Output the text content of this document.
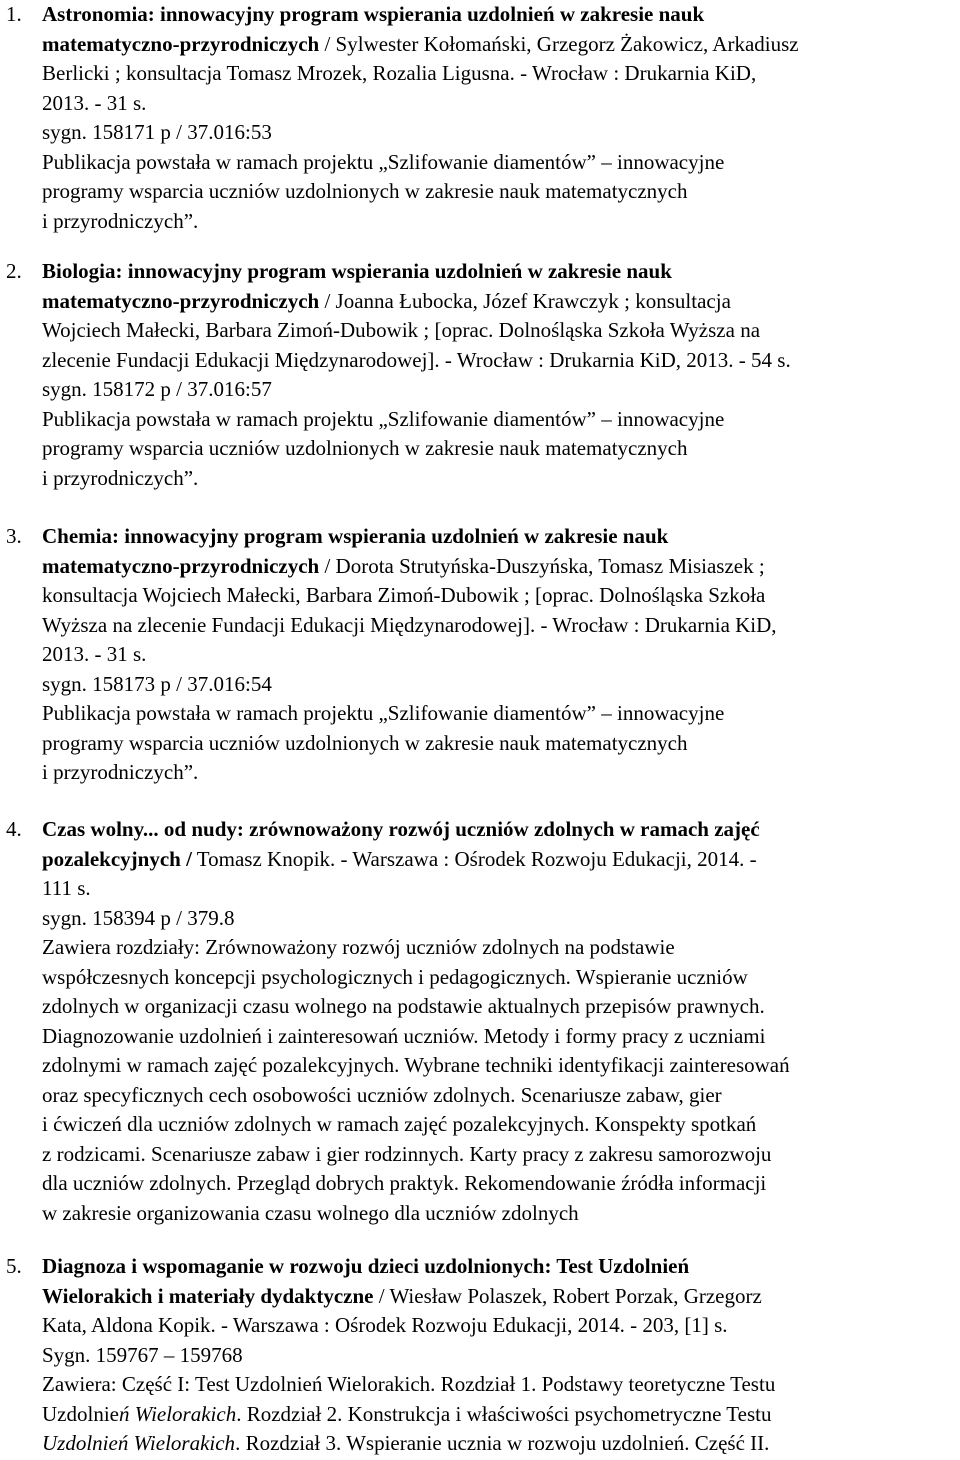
1. Astronomia: innowacyjny program wspierania uzdolnień w zakresie nauk
matematyczno-przyrodniczych / Sylwester Kołomański, Grzegorz Żakowicz, Arkadiusz
Berlicki ; konsultacja Tomasz Mrozek, Rozalia Ligusna. - Wrocław : Drukarnia KiD,
2013. - 31 s.
sygn. 158171 p / 37.016:53
Publikacja powstała w ramach projektu „Szlifowanie diamentów” – innowacyjne
programy wsparcia uczniów uzdolnionych w zakresie nauk matematycznych
i przyrodniczych”.
2. Biologia: innowacyjny program wspierania uzdolnień w zakresie nauk
matematyczno-przyrodniczych / Joanna Łubocka, Józef Krawczyk ; konsultacja
Wojciech Małecki, Barbara Zimoń-Dubowik ; [oprac. Dolnośląska Szkoła Wyższa na
zlecenie Fundacji Edukacji Międzynarodowej]. - Wrocław : Drukarnia KiD, 2013. - 54 s.
sygn. 158172 p / 37.016:57
Publikacja powstała w ramach projektu „Szlifowanie diamentów” – innowacyjne
programy wsparcia uczniów uzdolnionych w zakresie nauk matematycznych
i przyrodniczych”.
3. Chemia: innowacyjny program wspierania uzdolnień w zakresie nauk
matematyczno-przyrodniczych / Dorota Strutyńska-Duszyńska, Tomasz Misiaszek ;
konsultacja Wojciech Małecki, Barbara Zimoń-Dubowik ; [oprac. Dolnośląska Szkoła
Wyższa na zlecenie Fundacji Edukacji Międzynarodowej]. - Wrocław : Drukarnia KiD,
2013. - 31 s.
sygn. 158173 p / 37.016:54
Publikacja powstała w ramach projektu „Szlifowanie diamentów” – innowacyjne
programy wsparcia uczniów uzdolnionych w zakresie nauk matematycznych
i przyrodniczych”.
4. Czas wolny... od nudy: zrównoważony rozwój uczniów zdolnych w ramach zajęć
pozalekcyjnych / Tomasz Knopik. - Warszawa : Ośrodek Rozwoju Edukacji, 2014. -
111 s.
sygn. 158394 p / 379.8
Zawiera rozdziały: Zrównoważony rozwój uczniów zdolnych na podstawie
współczesnych koncepcji psychologicznych i pedagogicznych. Wspieranie uczniów
zdolnych w organizacji czasu wolnego na podstawie aktualnych przepisów prawnych.
Diagnozowanie uzdolnień i zainteresowań uczniów. Metody i formy pracy z uczniami
zdolnymi w ramach zajęć pozalekcyjnych. Wybrane techniki identyfikacji zainteresowań
oraz specyficznych cech osobowości uczniów zdolnych. Scenariusze zabaw, gier
i ćwiczeń dla uczniów zdolnych w ramach zajęć pozalekcyjnych. Konspekty spotkań
z rodzicami. Scenariusze zabaw i gier rodzinnych. Karty pracy z zakresu samorozwoju
dla uczniów zdolnych. Przegląd dobrych praktyk. Rekomendowanie źródła informacji
w zakresie organizowania czasu wolnego dla uczniów zdolnych
5. Diagnoza i wspomaganie w rozwoju dzieci uzdolnionych: Test Uzdolnień
Wielorakich i materiały dydaktyczne / Wiesław Polaszek, Robert Porzak, Grzegorz
Kata, Aldona Kopik. - Warszawa : Ośrodek Rozwoju Edukacji, 2014. - 203, [1] s.
Sygn. 159767 – 159768
Zawiera: Część I: Test Uzdolnień Wielorakich. Rozdział 1. Podstawy teoretyczne Testu
Uzdolnień Wielorakich. Rozdział 2. Konstrukcja i właściwości psychometryczne Testu
Uzdolnień Wielorakich. Rozdział 3. Wspieranie ucznia w rozwoju uzdolnień. Część II.
